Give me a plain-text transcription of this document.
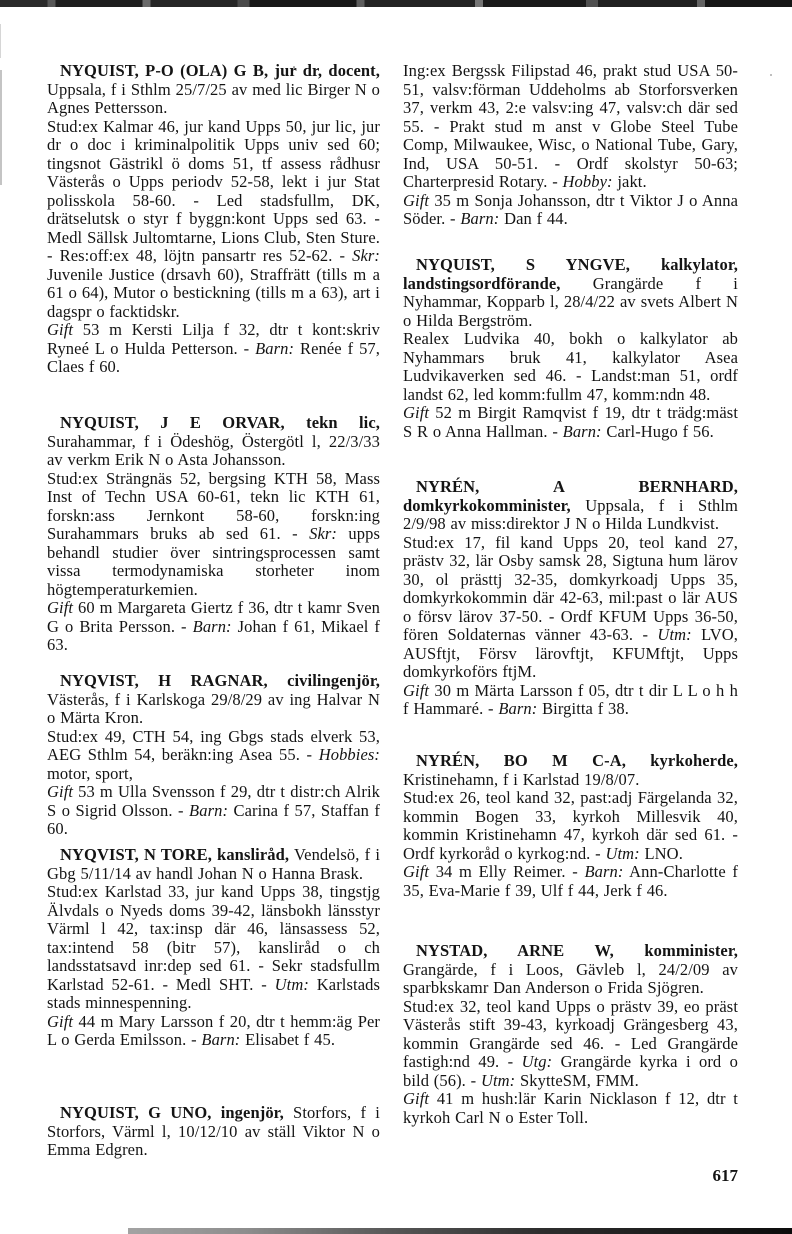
NYQUIST, P-O (OLA) G B, jur dr, docent, Uppsala, f i Sthlm 25/7/25 av med lic Birger N o Agnes Pettersson.

Stud:ex Kalmar 46, jur kand Upps 50, jur lic, jur dr o doc i kriminalpolitik Upps univ sed 60; tingsnot Gästrikl ö doms 51, tf assess rådhusr Västerås o Upps periodv 52-58, lekt i jur Stat polisskola 58-60. - Led stadsfullm, DK, drätselutsk o styr f byggn:kont Upps sed 63. - Medl Sällsk Jultomtarne, Lions Club, Sten Sture. - Res:off:ex 48, löjtn pansartr res 52-62. - Skr: Juvenile Justice (drsavh 60), Straffrätt (tills m a 61 o 64), Mutor o bestickning (tills m a 63), art i dagspr o facktidskr.

Gift 53 m Kersti Lilja f 32, dtr t kont:skriv Ryneé L o Hulda Petterson. - Barn: Renée f 57, Claes f 60.

NYQUIST, J E ORVAR, tekn lic, Surahammar, f i Ödeshög, Östergötl l, 22/3/33 av verkm Erik N o Asta Johansson.

Stud:ex Strängnäs 52, bergsing KTH 58, Mass Inst of Techn USA 60-61, tekn lic KTH 61, forskn:ass Jernkont 58-60, forskn:ing Surahammars bruks ab sed 61. - Skr: upps behandl studier över sintringsprocessen samt vissa termodynamiska storheter inom högtemperaturkemien.

Gift 60 m Margareta Giertz f 36, dtr t kamr Sven G o Brita Persson. - Barn: Johan f 61, Mikael f 63.

NYQVIST, H RAGNAR, civilingenjör, Västerås, f i Karlskoga 29/8/29 av ing Halvar N o Märta Kron.

Stud:ex 49, CTH 54, ing Gbgs stads elverk 53, AEG Sthlm 54, beräkn:ing Asea 55. - Hobbies: motor, sport,

Gift 53 m Ulla Svensson f 29, dtr t distr:ch Alrik S o Sigrid Olsson. - Barn: Carina f 57, Staffan f 60.

NYQVIST, N TORE, kansliråd, Vendelsö, f i Gbg 5/11/14 av handl Johan N o Hanna Brask.

Stud:ex Karlstad 33, jur kand Upps 38, tingstjg Älvdals o Nyeds doms 39-42, länsbokh länsstyr Värml l 42, tax:insp där 46, länsassess 52, tax:intend 58 (bitr 57), kansliråd o ch landsstatsavd inr:dep sed 61. - Sekr stadsfullm Karlstad 52-61. - Medl SHT. - Utm: Karlstads stads minnespenning.

Gift 44 m Mary Larsson f 20, dtr t hemm:äg Per L o Gerda Emilsson. - Barn: Elisabet f 45.

NYQUIST, G UNO, ingenjör, Storfors, f i Storfors, Värml l, 10/12/10 av ställ Viktor N o Emma Edgren.

Ing:ex Bergssk Filipstad 46, prakt stud USA 50-51, valsv:förman Uddeholms ab Storforsverken 37, verkm 43, 2:e valsv:ing 47, valsv:ch där sed 55. - Prakt stud m anst v Globe Steel Tube Comp, Milwaukee, Wisc, o National Tube, Gary, Ind, USA 50-51. - Ordf skolstyr 50-63; Charterpresid Rotary. - Hobby: jakt.

Gift 35 m Sonja Johansson, dtr t Viktor J o Anna Söder. - Barn: Dan f 44.

NYQUIST, S YNGVE, kalkylator, landstingsordförande, Grangärde f i Nyhammar, Kopparb l, 28/4/22 av svets Albert N o Hilda Bergström.

Realex Ludvika 40, bokh o kalkylator ab Nyhammars bruk 41, kalkylator Asea Ludvikaverken sed 46. - Landst:man 51, ordf landst 62, led komm:fullm 47, komm:ndn 48.

Gift 52 m Birgit Ramqvist f 19, dtr t trädg:mäst S R o Anna Hallman. - Barn: Carl-Hugo f 56.

NYRÉN, A BERNHARD, domkyrkokomminister, Uppsala, f i Sthlm 2/9/98 av miss:direktor J N o Hilda Lundkvist.

Stud:ex 17, fil kand Upps 20, teol kand 27, prästv 32, lär Osby samsk 28, Sigtuna hum lärov 30, ol prästtj 32-35, domkyrkoadj Upps 35, domkyrkokommin där 42-63, mil:past o lär AUS o försv lärov 37-50. - Ordf KFUM Upps 36-50, fören Soldaternas vänner 43-63. - Utm: LVO, AUSftjt, Försv lärovftjt, KFUMftjt, Upps domkyrkoförs ftjM.

Gift 30 m Märta Larsson f 05, dtr t dir L L o h h f Hammaré. - Barn: Birgitta f 38.

NYRÉN, BO M C-A, kyrkoherde, Kristinehamn, f i Karlstad 19/8/07.

Stud:ex 26, teol kand 32, past:adj Färgelanda 32, kommin Bogen 33, kyrkoh Millesvik 40, kommin Kristinehamn 47, kyrkoh där sed 61. - Ordf kyrkoråd o kyrkog:nd. - Utm: LNO.

Gift 34 m Elly Reimer. - Barn: Ann-Charlotte f 35, Eva-Marie f 39, Ulf f 44, Jerk f 46.

NYSTAD, ARNE W, komminister, Grangärde, f i Loos, Gävleb l, 24/2/09 av sparbkskamr Dan Anderson o Frida Sjögren.

Stud:ex 32, teol kand Upps o prästv 39, eo präst Västerås stift 39-43, kyrkoadj Grängesberg 43, kommin Grangärde sed 46. - Led Grangärde fastigh:nd 49. - Utg: Grangärde kyrka i ord o bild (56). - Utm: SkytteSM, FMM.

Gift 41 m hush:lär Karin Nicklason f 12, dtr t kyrkoh Carl N o Ester Toll.

617
